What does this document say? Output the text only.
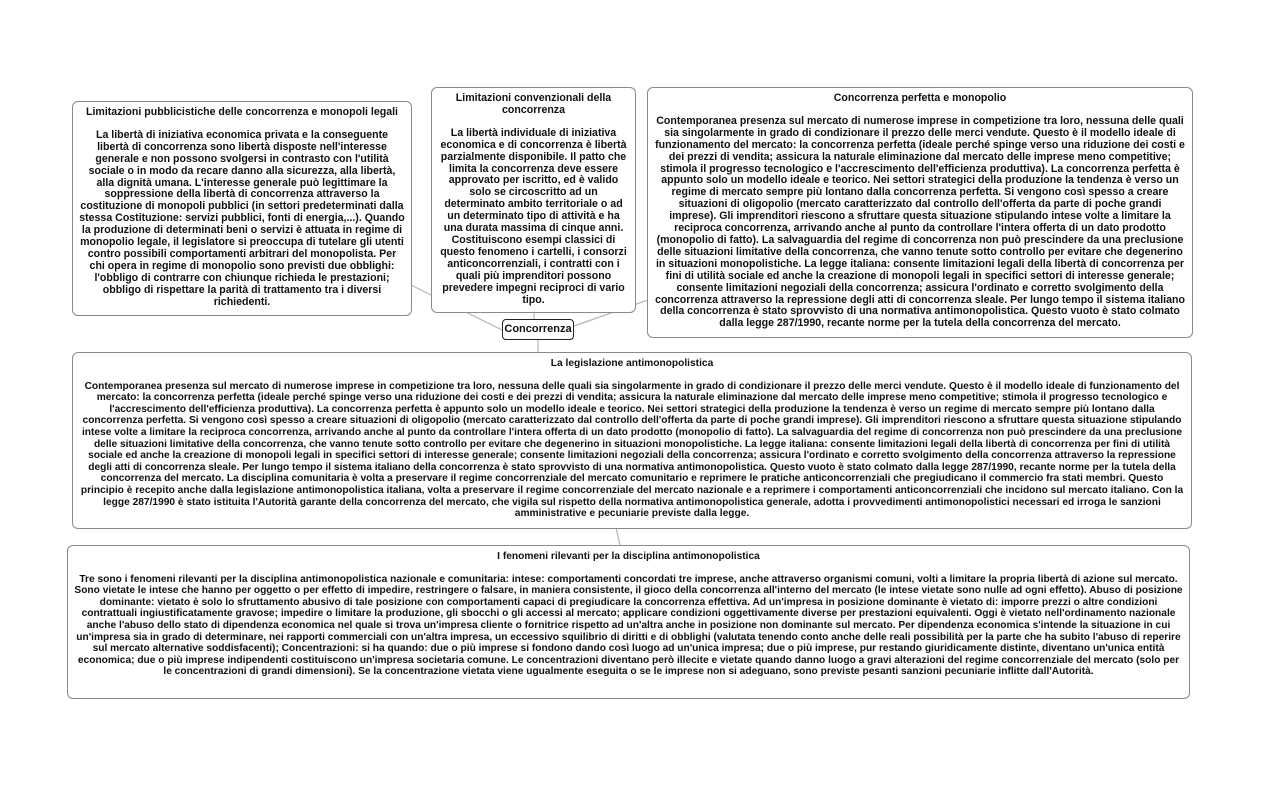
Limitazioni pubblicistiche delle concorrenza e monopoli legali
La libertà di iniziativa economica privata e la conseguente libertà di concorrenza sono libertà disposte nell'interesse generale e non possono svolgersi in contrasto con l'utilità sociale o in modo da recare danno alla sicurezza, alla libertà, alla dignità umana. L'interesse generale può legittimare la soppressione della libertà di concorrenza attraverso la costituzione di monopoli pubblici (in settori predeterminati dalla stessa Costituzione: servizi pubblici, fonti di energia,...). Quando la produzione di determinati beni o servizi è attuata in regime di monopolio legale, il legislatore si preoccupa di tutelare gli utenti contro possibili comportamenti arbitrari del monopolista. Per chi opera in regime di monopolio sono previsti due obblighi: l'obbligo di contrarre con chiunque richieda le prestazioni; obbligo di rispettare la parità di trattamento tra i diversi richiedenti.
Limitazioni convenzionali della concorrenza
La libertà individuale di iniziativa economica e di concorrenza è libertà parzialmente disponibile. Il patto che limita la concorrenza deve essere approvato per iscritto, ed è valido solo se circoscritto ad un determinato ambito territoriale o ad un determinato tipo di attività e ha una durata massima di cinque anni. Costituiscono esempi classici di questo fenomeno i cartelli, i consorzi anticoncorrenziali, i contratti con i quali più imprenditori possono prevedere impegni reciproci di vario tipo.
Concorrenza perfetta e monopolio
Contemporanea presenza sul mercato di numerose imprese in competizione tra loro, nessuna delle quali sia singolarmente in grado di condizionare il prezzo delle merci vendute. Questo è il modello ideale di funzionamento del mercato: la concorrenza perfetta (ideale perché spinge verso una riduzione dei costi e dei prezzi di vendita; assicura la naturale eliminazione dal mercato delle imprese meno competitive; stimola il progresso tecnologico e l'accrescimento dell'efficienza produttiva). La concorrenza perfetta è appunto solo un modello ideale e teorico. Nei settori strategici della produzione la tendenza è verso un regime di mercato sempre più lontano dalla concorrenza perfetta. Si vengono così spesso a creare situazioni di oligopolio (mercato caratterizzato dal controllo dell'offerta da parte di poche grandi imprese). Gli imprenditori riescono a sfruttare questa situazione stipulando intese volte a limitare la reciproca concorrenza, arrivando anche al punto da controllare l'intera offerta di un dato prodotto (monopolio di fatto). La salvaguardia del regime di concorrenza non può prescindere da una preclusione delle situazioni limitative della concorrenza, che vanno tenute sotto controllo per evitare che degenerino in situazioni monopolistiche. La legge italiana: consente limitazioni legali della libertà di concorrenza per fini di utilità sociale ed anche la creazione di monopoli legali in specifici settori di interesse generale; consente limitazioni negoziali della concorrenza; assicura l'ordinato e corretto svolgimento della concorrenza attraverso la repressione degli atti di concorrenza sleale. Per lungo tempo il sistema italiano della concorrenza è stato sprovvisto di una normativa antimonopolistica. Questo vuoto è stato colmato dalla legge 287/1990, recante norme per la tutela della concorrenza del mercato.
Concorrenza
La legislazione antimonopolistica
Contemporanea presenza sul mercato di numerose imprese in competizione tra loro, nessuna delle quali sia singolarmente in grado di condizionare il prezzo delle merci vendute. Questo è il modello ideale di funzionamento del mercato: la concorrenza perfetta (ideale perché spinge verso una riduzione dei costi e dei prezzi di vendita; assicura la naturale eliminazione dal mercato delle imprese meno competitive; stimola il progresso tecnologico e l'accrescimento dell'efficienza produttiva). La concorrenza perfetta è appunto solo un modello ideale e teorico. Nei settori strategici della produzione la tendenza è verso un regime di mercato sempre più lontano dalla concorrenza perfetta. Si vengono così spesso a creare situazioni di oligopolio (mercato caratterizzato dal controllo dell'offerta da parte di poche grandi imprese). Gli imprenditori riescono a sfruttare questa situazione stipulando intese volte a limitare la reciproca concorrenza, arrivando anche al punto da controllare l'intera offerta di un dato prodotto (monopolio di fatto). La salvaguardia del regime di concorrenza non può prescindere da una preclusione delle situazioni limitative della concorrenza, che vanno tenute sotto controllo per evitare che degenerino in situazioni monopolistiche. La legge italiana: consente limitazioni legali della libertà di concorrenza per fini di utilità sociale ed anche la creazione di monopoli legali in specifici settori di interesse generale; consente limitazioni negoziali della concorrenza; assicura l'ordinato e corretto svolgimento della concorrenza attraverso la repressione degli atti di concorrenza sleale. Per lungo tempo il sistema italiano della concorrenza è stato sprovvisto di una normativa antimonopolistica. Questo vuoto è stato colmato dalla legge 287/1990, recante norme per la tutela della concorrenza del mercato. La disciplina comunitaria è volta a preservare il regime concorrenziale del mercato comunitario e reprimere le pratiche anticoncorrenziali che pregiudicano il commercio fra stati membri. Questo principio è recepito anche dalla legislazione antimonopolistica italiana, volta a preservare il regime concorrenziale del mercato nazionale e a reprimere i comportamenti anticoncorrenziali che incidono sul mercato italiano. Con la legge 287/1990 è stato istituita l'Autorità garante della concorrenza del mercato, che vigila sul rispetto della normativa antimonopolistica generale, adotta i provvedimenti antimonopolistici necessari ed irroga le sanzioni amministrative e pecuniarie previste dalla legge.
I fenomeni rilevanti per la disciplina antimonopolistica
Tre sono i fenomeni rilevanti per la disciplina antimonopolistica nazionale e comunitaria: intese: comportamenti concordati tre imprese, anche attraverso organismi comuni, volti a limitare la propria libertà di azione sul mercato. Sono vietate le intese che hanno per oggetto o per effetto di impedire, restringere o falsare, in maniera consistente, il gioco della concorrenza all'interno del mercato (le intese vietate sono nulle ad ogni effetto). Abuso di posizione dominante: vietato è solo lo sfruttamento abusivo di tale posizione con comportamenti capaci di pregiudicare la concorrenza effettiva. Ad un'impresa in posizione dominante è vietato di: imporre prezzi o altre condizioni contrattuali ingiustificatamente gravose; impedire o limitare la produzione, gli sbocchi o gli accessi al mercato; applicare condizioni oggettivamente diverse per prestazioni equivalenti. Oggi è vietato nell'ordinamento nazionale anche l'abuso dello stato di dipendenza economica nel quale si trova un'impresa cliente o fornitrice rispetto ad un'altra anche in posizione non dominante sul mercato. Per dipendenza economica s'intende la situazione in cui un'impresa sia in grado di determinare, nei rapporti commerciali con un'altra impresa, un eccessivo squilibrio di diritti e di obblighi (valutata tenendo conto anche delle reali possibilità per la parte che ha subito l'abuso di reperire sul mercato alternative soddisfacenti); Concentrazioni: si ha quando: due o più imprese si fondono dando così luogo ad un'unica impresa; due o più imprese, pur restando giuridicamente distinte, diventano un'unica entità economica; due o più imprese indipendenti costituiscono un'impresa societaria comune. Le concentrazioni diventano però illecite e vietate quando danno luogo a gravi alterazioni del regime concorrenziale del mercato (solo per le concentrazioni di grandi dimensioni). Se la concentrazione vietata viene ugualmente eseguita o se le imprese non si adeguano, sono previste pesanti sanzioni pecuniarie inflitte dall'Autorità.
